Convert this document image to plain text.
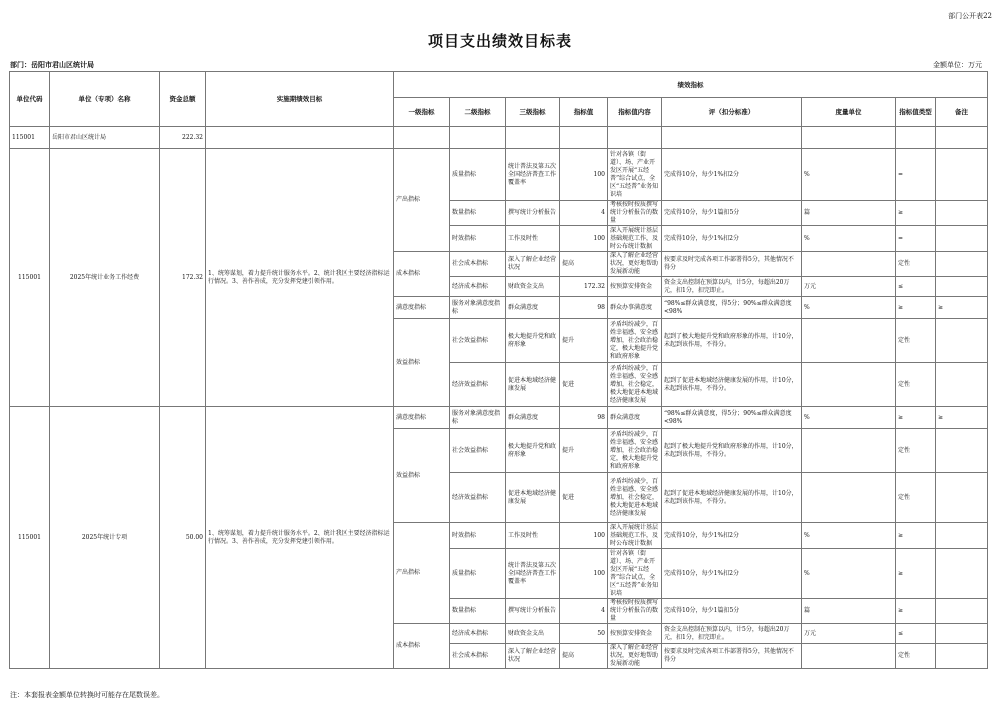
部门公开表22
项目支出绩效目标表
部门：岳阳市君山区统计局	金额单位：万元
单位代码	单位（专项）名称	资金总额	实施期绩效目标	绩效指标								
				一级指标	二级指标	三级指标	指标值	指标值内容	评（扣分标准）	度量单位	指标值类型	备注
115001	岳阳市君山区统计局	222.32										
115001	2025年统计业务工作经费	172.32	1、统筹谋划，着力提升统计服务水平。2、统计我区主要经济指标运行情况。3、善作善成，充分发挥党建引领作用。	产出指标	质量指标	统计普法及第五次全国经济普查工作覆盖率	100	针对各镇（街道）、场、产业开发区开展“五经普”综合试点，全区“五经普”业务知识培	完成得10分，每少1%扣2分	%	=	
					数量指标	撰写统计分析报告	4	考核按时按质撰写统计分析报告的数量	完成得10分，每少1篇扣5分	篇	≥	
					时效指标	工作及时性	100	深入开展统计基层基础规范工作，及时公布统计数据	完成得10分，每少1%扣2分	%	=	
				成本指标	社会成本指标	深入了解企业经营状况	提高	深入了解企业经营状况，更好地帮助发展新动能	按要求及时完成各项工作部署得5分，其他情况不得分		定性	
					经济成本指标	财政资金支出	172.32	按预算安排资金	资金支出控制在预算以内，计5分，每超出20万元，扣1分，扣完即止。	万元	≤	
				满意度指标	服务对象满意度指标	群众满意度	98	群众办事满意度	“98%≤群众满意度，得5分；90%≤群众满意度<98%	%	≥	≥
				效益指标	社会效益指标	极大地提升党和政府形象	提升	矛盾纠纷减少，百姓幸福感、安全感增加，社会政治稳定，极大地提升党和政府形象	起到了极大地提升党和政府形象的作用，计10分，未起到该作用，不得分。		定性	
					经济效益指标	促进本地域经济健康发展	促进	矛盾纠纷减少，百姓幸福感、安全感增加，社会稳定，极大地促进本地域经济健康发展	起到了促进本地域经济健康发展的作用，计10分，未起到该作用，不得分。		定性	
115001	2025年统计专项	50.00	1、统筹谋划，着力提升统计服务水平。2、统计我区主要经济指标运行情况。3、善作善成，充分发挥党建引领作用。	满意度指标	服务对象满意度指标	群众满意度	98	群众满意度	“98%≤群众满意度，得5分；90%≤群众满意度<98%	%	≥	≥
				效益指标	社会效益指标	极大地提升党和政府形象	提升	矛盾纠纷减少，百姓幸福感、安全感增加，社会政治稳定，极大地提升党和政府形象	起到了极大地提升党和政府形象的作用，计10分，未起到该作用，不得分。		定性	
					经济效益指标	促进本地域经济健康发展	促进	矛盾纠纷减少，百姓幸福感、安全感增加，社会稳定，极大地促进本地域经济健康发展	起到了促进本地域经济健康发展的作用，计10分，未起到该作用，不得分。		定性	
				产出指标	时效指标	工作及时性	100	深入开展统计基层基础规范工作，及时公布统计数据	完成得10分，每少1%扣2分	%	≥	
					质量指标	统计普法及第五次全国经济普查工作覆盖率	100	针对各镇（街道）、场、产业开发区开展“五经普”综合试点，全区“五经普”业务知识培	完成得10分，每少1%扣2分	%	≥	
					数量指标	撰写统计分析报告	4	考核按时按质撰写统计分析报告的数量	完成得10分，每少1篇扣5分	篇	≥	
				成本指标	经济成本指标	财政资金支出	50	按预算安排资金	资金支出控制在预算以内，计5分，每超出20万元，扣1分，扣完即止。	万元	≤	
					社会成本指标	深入了解企业经营状况	提高	深入了解企业经营状况，更好地帮助发展新动能	按要求及时完成各项工作部署得5分，其他情况不得分		定性	
注：本套报表金额单位转换时可能存在尾数误差。
